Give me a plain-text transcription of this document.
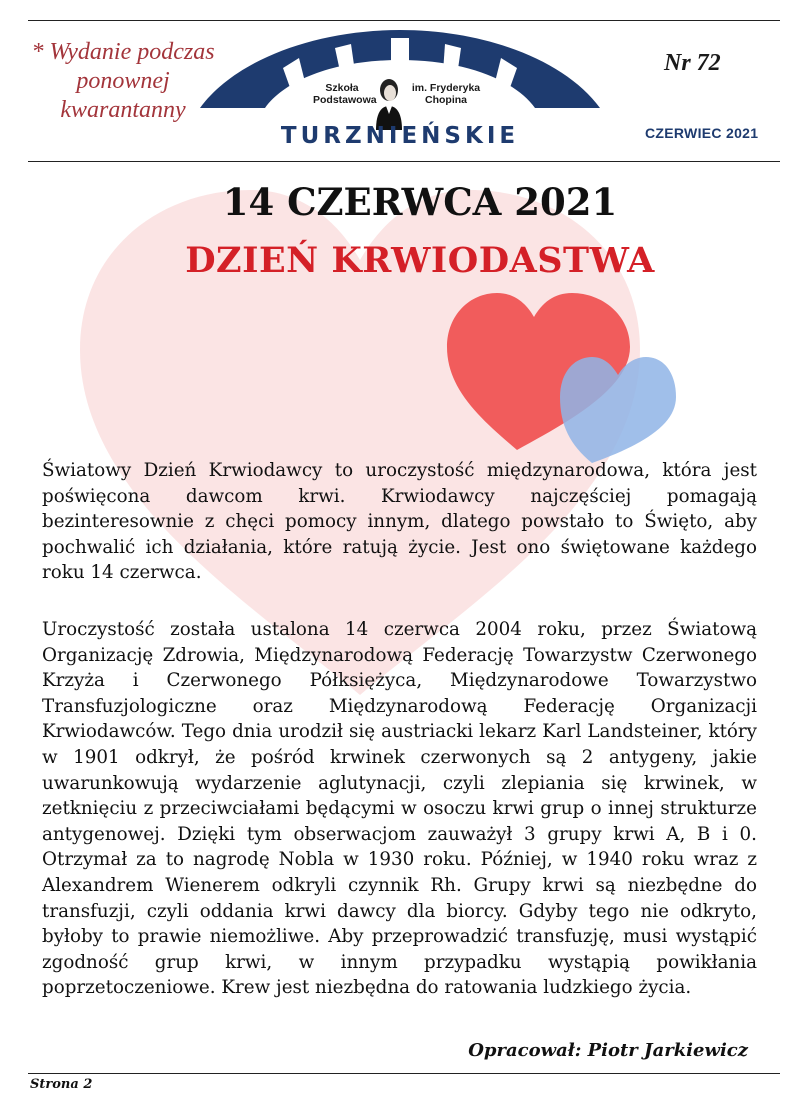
* Wydanie podczas ponownej kwarantanny
Szkoła Podstawowa
im. Fryderyka Chopina
TURZNIEŃSKIE
Nr 72
CZERWIEC 2021
14 CZERWCA 2021
DZIEŃ KRWIODASTWA
Światowy Dzień Krwiodawcy to uroczystość międzynarodowa, która jest poświęcona dawcom krwi. Krwiodawcy najczęściej pomagają bezinteresownie z chęci pomocy innym, dlatego powstało to Święto, aby pochwalić ich działania, które ratują życie. Jest ono świętowane każdego roku 14 czerwca.
Uroczystość została ustalona 14 czerwca 2004 roku, przez Światową Organizację Zdrowia, Międzynarodową Federację Towarzystw Czerwonego Krzyża i Czerwonego Półksiężyca, Międzynarodowe Towarzystwo Transfuzjologiczne oraz Międzynarodową Federację Organizacji Krwiodawców. Tego dnia urodził się austriacki lekarz Karl Landsteiner, który w 1901 odkrył, że pośród krwinek czerwonych są 2 antygeny, jakie uwarunkowują wydarzenie aglutynacji, czyli zlepiania się krwinek, w zetknięciu z przeciwciałami będącymi w osoczu krwi grup o innej strukturze antygenowej. Dzięki tym obserwacjom zauważył 3 grupy krwi A, B i 0. Otrzymał za to nagrodę Nobla w 1930 roku. Później, w 1940 roku wraz z Alexandrem Wienerem odkryli czynnik Rh. Grupy krwi są niezbędne do transfuzji, czyli oddania krwi dawcy dla biorcy. Gdyby tego nie odkryto, byłoby to prawie niemożliwe. Aby przeprowadzić transfuzję, musi wystąpić zgodność grup krwi, w innym przypadku wystąpią powikłania poprzetoczeniowe. Krew jest niezbędna do ratowania ludzkiego życia.
Opracował: Piotr Jarkiewicz
Strona 2
